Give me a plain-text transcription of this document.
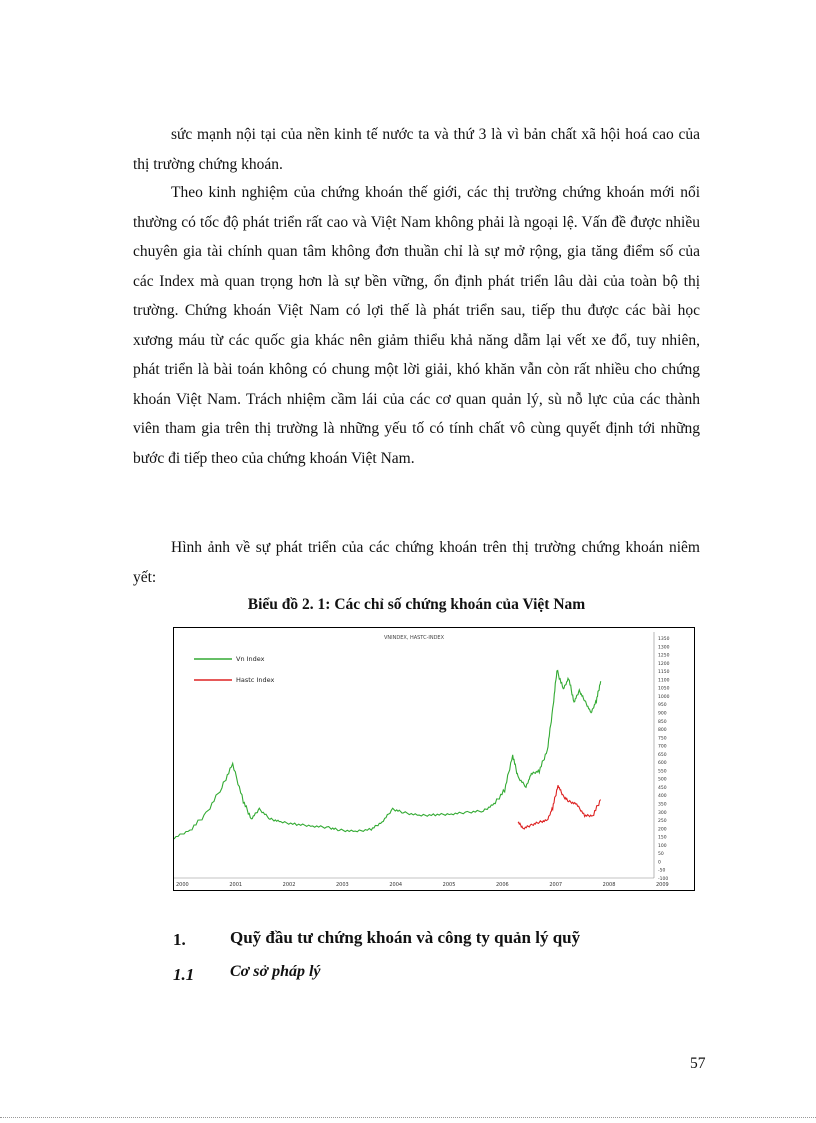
sức mạnh nội tại của nền kinh tế nước ta và thứ 3 là vì bản chất xã hội hoá cao của thị trường chứng khoán.

Theo kinh nghiệm của chứng khoán thế giới, các thị trường chứng khoán mới nổi thường có tốc độ phát triển rất cao và Việt Nam không phải là ngoại lệ. Vấn đề được nhiều chuyên gia tài chính quan tâm không đơn thuần chỉ là sự mở rộng, gia tăng điểm số của các Index mà quan trọng hơn là sự bền vững, ổn định phát triển lâu dài của toàn bộ thị trường. Chứng khoán Việt Nam có lợi thế là phát triển sau, tiếp thu được các bài học xương máu từ các quốc gia khác nên giảm thiểu khả năng dẫm lại vết xe đổ, tuy nhiên, phát triển là bài toán không có chung một lời giải, khó khăn vẫn còn rất nhiều cho chứng khoán Việt Nam. Trách nhiệm cầm lái của các cơ quan quản lý, sù nỗ lực của các thành viên tham gia trên thị trường là những yếu tố có tính chất vô cùng quyết định tới những bước đi tiếp theo của chứng khoán Việt Nam.

Hình ảnh về sự phát triển của các chứng khoán trên thị trường chứng khoán niêm yết:

Biểu đồ 2. 1: Các chỉ số chứng khoán của Việt Nam
VNINDEX, HASTC-INDEX
Vn Index
Hastc Index
2000	2001	2002	2003	2004	2005	2006	2007	2008	2009
1350
1300
1250
1200
1150
1100
1050
1000
950
900
850
800
750
700
650
600
550
500
450
400
350
300
250
200
150
100
50
0
-50
-100
1.	Quỹ đầu tư chứng khoán và công ty quản lý quỹ
1.1 Cơ sở pháp lý
57
